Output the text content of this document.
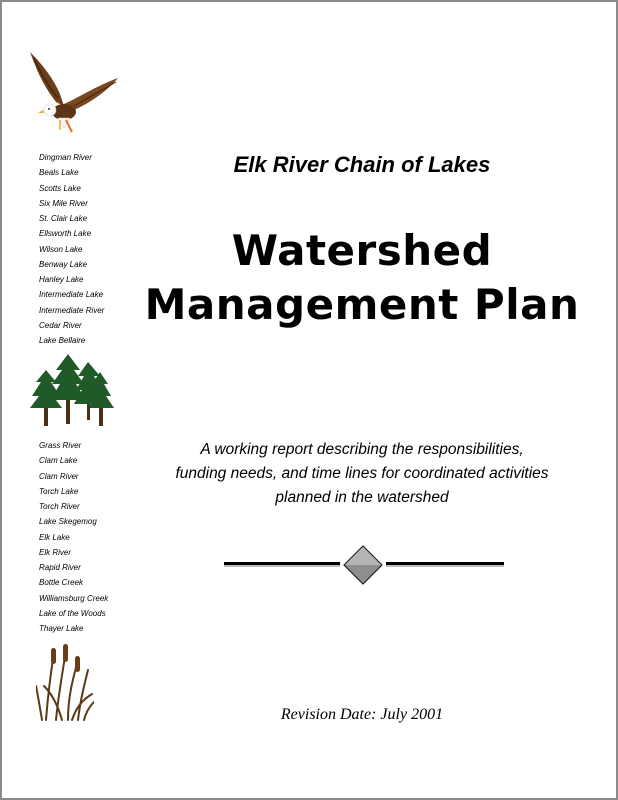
Dingman River
Beals Lake
Scotts Lake
Six Mile River
St. Clair Lake
Ellsworth Lake
Wilson Lake
Benway Lake
Hanley Lake
Intermediate Lake
Intermediate River
Cedar River
Lake Bellaire
Grass River
Clam Lake
Clam River
Torch Lake
Torch River
Lake Skegemog
Elk Lake
Elk River
Rapid River
Bottle Creek
Williamsburg Creek
Lake of the Woods
Thayer Lake

Elk River Chain of Lakes

Watershed
Management Plan

A working report describing the responsibilities,
funding needs, and time lines for coordinated activities
planned in the watershed

Revision Date: July 2001
